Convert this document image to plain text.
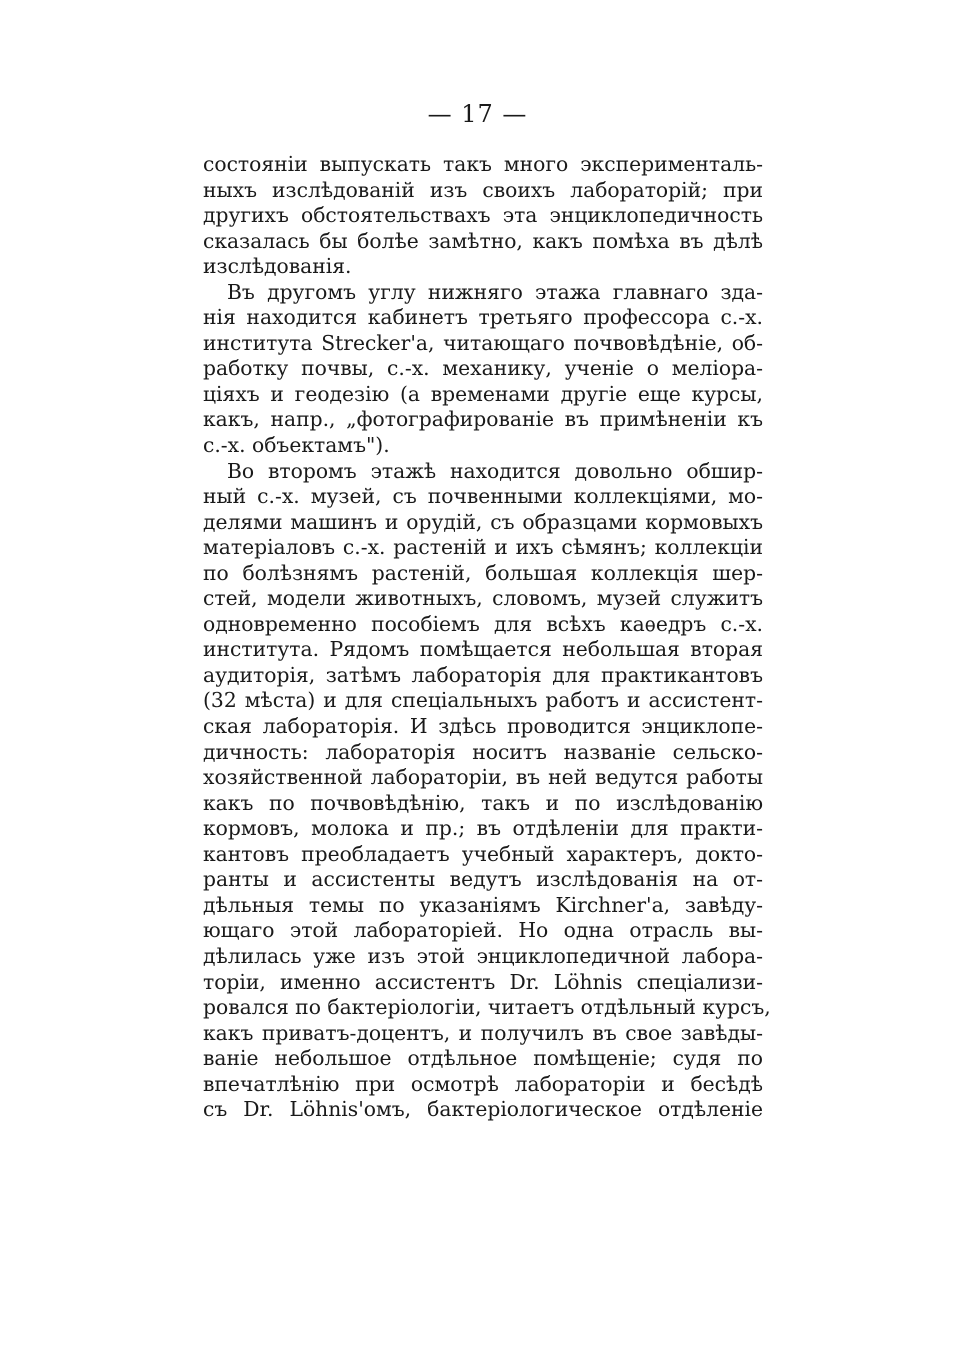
— 17 —
состоянiи выпускать такъ много эксперименталь-
ныхъ изслѣдованiй изъ своихъ лабораторiй; при
другихъ обстоятельствахъ эта энциклопедичность
сказалась бы болѣе замѣтно, какъ помѣха въ дѣлѣ
изслѣдованiя.
Въ другомъ углу нижняго этажа главнаго зда-
нiя находится кабинетъ третьяго профессора с.-х.
института Strecker'a, читающаго почвовѣдѣнiе, об-
работку почвы, с.-х. механику, ученiе о мелiора-
цiяхъ и геодезiю (а временами другiе еще курсы,
какъ, напр., „фотографированiе въ примѣненiи къ
с.-х. объектамъ").
Во второмъ этажѣ находится довольно обшир-
ный с.-х. музей, съ почвенными коллекцiями, мо-
делями машинъ и орудiй, съ образцами кормовыхъ
матерiаловъ с.-х. растенiй и ихъ сѣмянъ; коллекцiи
по болѣзнямъ растенiй, большая коллекцiя шер-
стей, модели животныхъ, словомъ, музей служитъ
одновременно пособiемъ для всѣхъ каѳедръ с.-х.
института. Рядомъ помѣщается небольшая вторая
аудиторiя, затѣмъ лабораторiя для практикантовъ
(32 мѣста) и для спецiальныхъ работъ и ассистент-
ская лабораторiя. И здѣсь проводится энциклопе-
дичность: лабораторiя носитъ названiе сельско-
хозяйственной лабораторiи, въ ней ведутся работы
какъ по почвовѣдѣнiю, такъ и по изслѣдованiю
кормовъ, молока и пр.; въ отдѣленiи для практи-
кантовъ преобладаетъ учебный характеръ, докто-
ранты и ассистенты ведутъ изслѣдованiя на от-
дѣльныя темы по указанiямъ Kirchner'a, завѣду-
ющаго этой лабораторiей. Но одна отрасль вы-
дѣлилась уже изъ этой энциклопедичной лабора-
торiи, именно ассистентъ Dr. Löhnis спецiализи-
ровался по бактерiологiи, читаетъ отдѣльный курсъ,
какъ приватъ-доцентъ, и получилъ въ свое завѣды-
ванiе небольшое отдѣльное помѣщенiе; судя по
впечатлѣнiю при осмотрѣ лабораторiи и бесѣдѣ
съ Dr. Löhnis'омъ, бактерiологическое отдѣленiе
